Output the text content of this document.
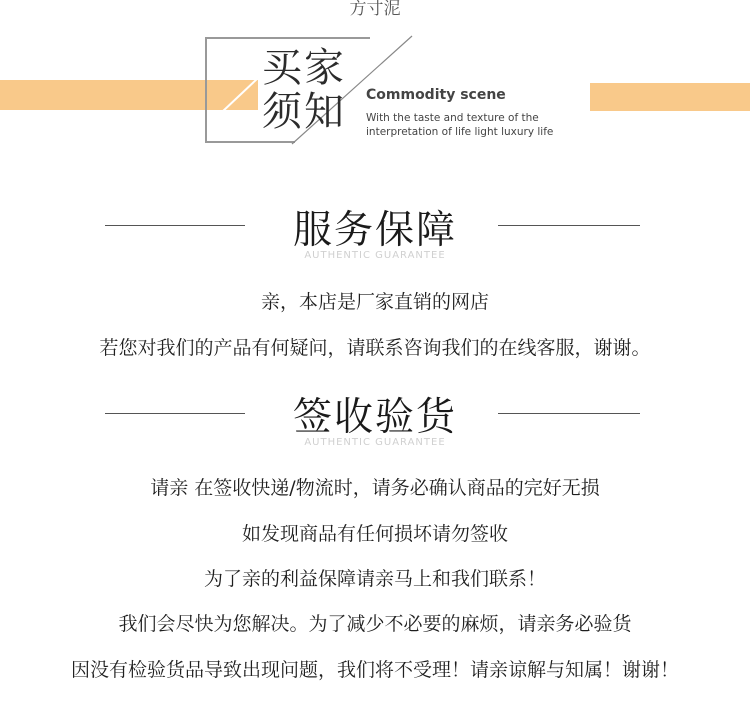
方寸泥
买家
须知	Commodity scene
With the taste and texture of the
interpretation of life light luxury life
服务保障
AUTHENTIC GUARANTEE
亲，本店是厂家直销的网店
若您对我们的产品有何疑问，请联系咨询我们的在线客服，谢谢。
签收验货
AUTHENTIC GUARANTEE
请亲 在签收快递/物流时，请务必确认商品的完好无损
如发现商品有任何损坏请勿签收
为了亲的利益保障请亲马上和我们联系！
我们会尽快为您解决。为了减少不必要的麻烦，请亲务必验货
因没有检验货品导致出现问题，我们将不受理！请亲谅解与知属！谢谢！
